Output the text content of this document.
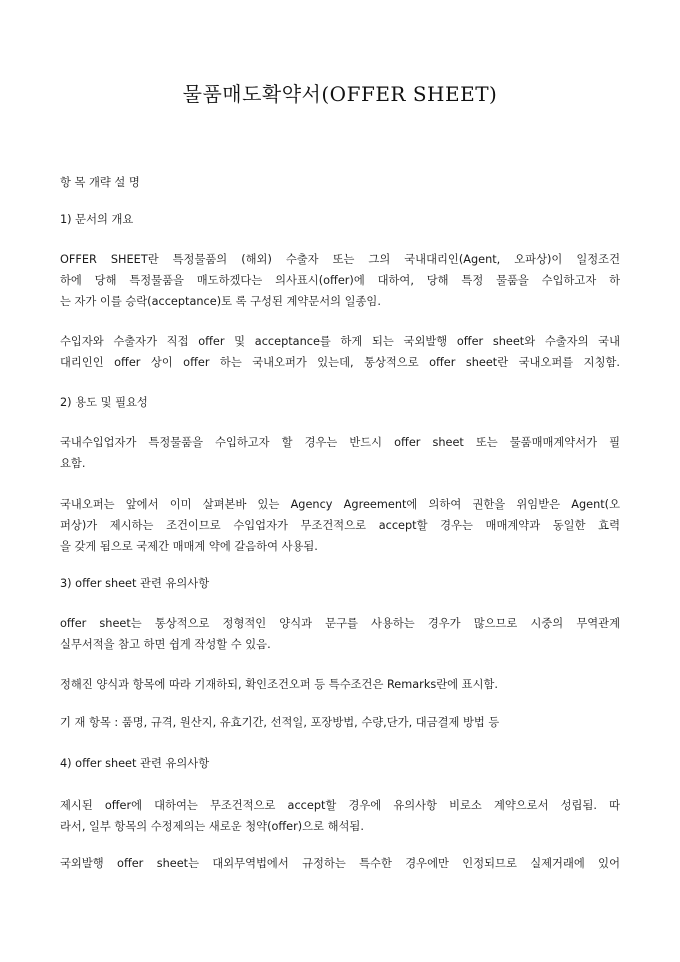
물품매도확약서(OFFER SHEET)
항 목 개략 설 명
1) 문서의 개요
OFFER SHEET란 특정물품의 (해외) 수출자 또는 그의 국내대리인(Agent, 오파상)이 일정조건
하에 당해 특정물품을 매도하겠다는 의사표시(offer)에 대하여, 당해 특정 물품을 수입하고자 하
는 자가 이를 승락(acceptance)토 록 구성된 계약문서의 일종임.
수입자와 수출자가 직접 offer 및 acceptance를 하게 되는 국외발행 offer sheet와 수출자의 국내
대리인인 offer 상이 offer 하는 국내오퍼가 있는데, 통상적으로 offer sheet란 국내오퍼를 지칭함.
2) 용도 및 필요성
국내수입업자가 특정물품을 수입하고자 할 경우는 반드시 offer sheet 또는 물품매매계약서가 필
요함.
국내오퍼는 앞에서 이미 살펴본바 있는 Agency Agreement에 의하여 권한을 위임받은 Agent(오
퍼상)가 제시하는 조건이므로 수입업자가 무조건적으로 accept할 경우는 매매계약과 동일한 효력
을 갖게 됨으로 국제간 매매계 약에 갈음하여 사용됨.
3) offer sheet 관련 유의사항
offer sheet는 통상적으로 정형적인 양식과 문구를 사용하는 경우가 많으므로 시중의 무역관계
실무서적을 참고 하면 쉽게 작성할 수 있음.
정해진 양식과 항목에 따라 기재하되, 확인조건오퍼 등 특수조건은 Remarks란에 표시함.
기 재 항목 : 품명, 규격, 원산지, 유효기간, 선적일, 포장방법, 수량,단가, 대금결제 방법 등
4) offer sheet 관련 유의사항
제시된 offer에 대하여는 무조건적으로 accept할 경우에 유의사항 비로소 계약으로서 성립됨. 따
라서, 일부 항목의 수정제의는 새로운 청약(offer)으로 해석됨.
국외발행 offer sheet는 대외무역법에서 규정하는 특수한 경우에만 인정되므로 실제거래에 있어
